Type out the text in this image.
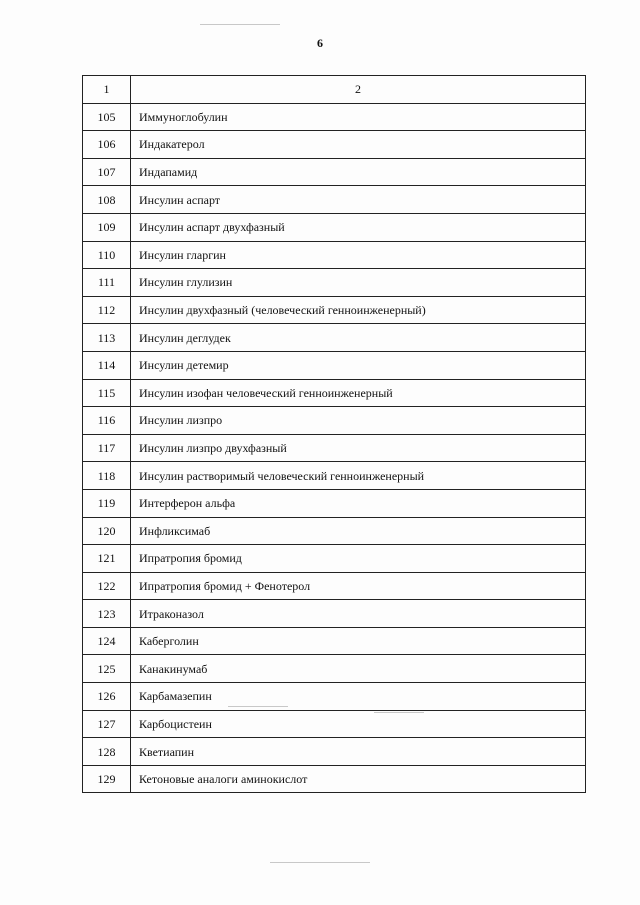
6
1	2
105	Иммуноглобулин
106	Индакатерол
107	Индапамид
108	Инсулин аспарт
109	Инсулин аспарт двухфазный
110	Инсулин гларгин
111	Инсулин глулизин
112	Инсулин двухфазный (человеческий генноинженерный)
113	Инсулин деглудек
114	Инсулин детемир
115	Инсулин изофан человеческий генноинженерный
116	Инсулин лизпро
117	Инсулин лизпро двухфазный
118	Инсулин растворимый человеческий генноинженерный
119	Интерферон альфа
120	Инфликсимаб
121	Ипратропия бромид
122	Ипратропия бромид + Фенотерол
123	Итраконазол
124	Каберголин
125	Канакинумаб
126	Карбамазепин
127	Карбоцистеин
128	Кветиапин
129	Кетоновые аналоги аминокислот
